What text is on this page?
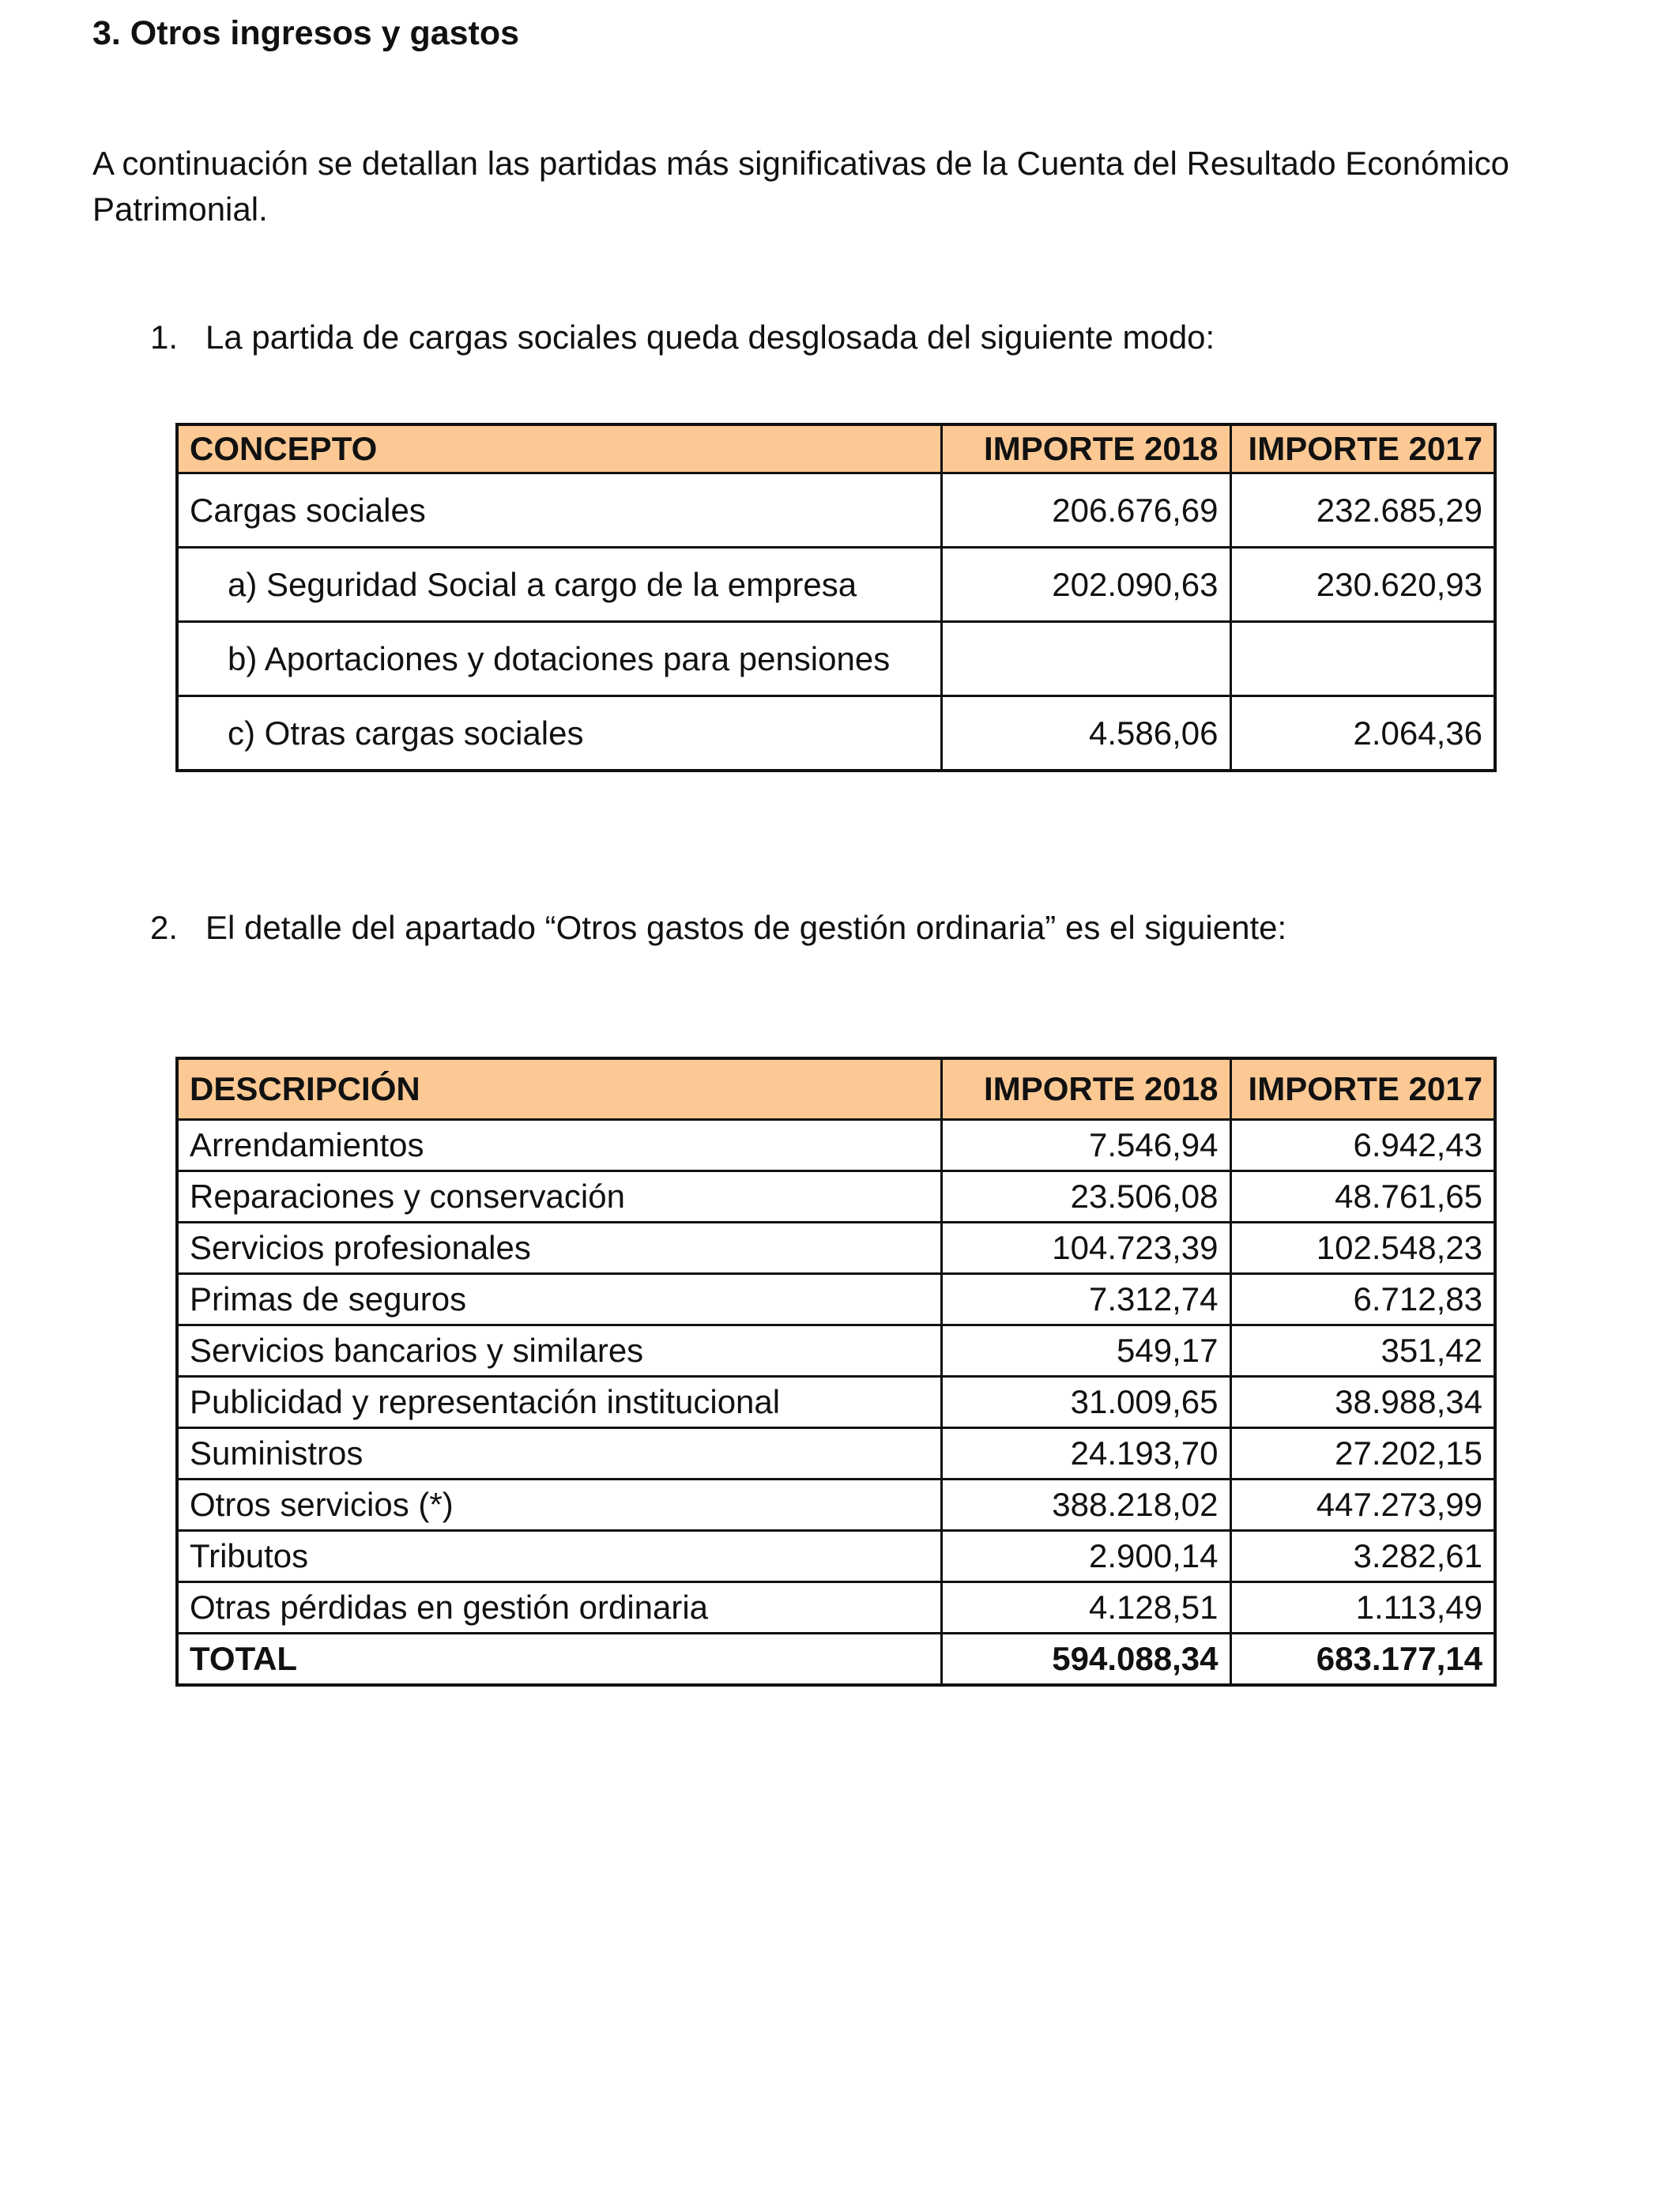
3. Otros ingresos y gastos

A continuación se detallan las partidas más significativas de la Cuenta del Resultado Económico Patrimonial.

1. La partida de cargas sociales queda desglosada del siguiente modo:

CONCEPTO	IMPORTE 2018	IMPORTE 2017
Cargas sociales	206.676,69	232.685,29
a) Seguridad Social a cargo de la empresa	202.090,63	230.620,93
b) Aportaciones y dotaciones para pensiones		
c) Otras cargas sociales	4.586,06	2.064,36

2. El detalle del apartado “Otros gastos de gestión ordinaria” es el siguiente:

DESCRIPCIÓN	IMPORTE 2018	IMPORTE 2017
Arrendamientos	7.546,94	6.942,43
Reparaciones y conservación	23.506,08	48.761,65
Servicios profesionales	104.723,39	102.548,23
Primas de seguros	7.312,74	6.712,83
Servicios bancarios y similares	549,17	351,42
Publicidad y representación institucional	31.009,65	38.988,34
Suministros	24.193,70	27.202,15
Otros servicios (*)	388.218,02	447.273,99
Tributos	2.900,14	3.282,61
Otras pérdidas en gestión ordinaria	4.128,51	1.113,49
TOTAL	594.088,34	683.177,14
